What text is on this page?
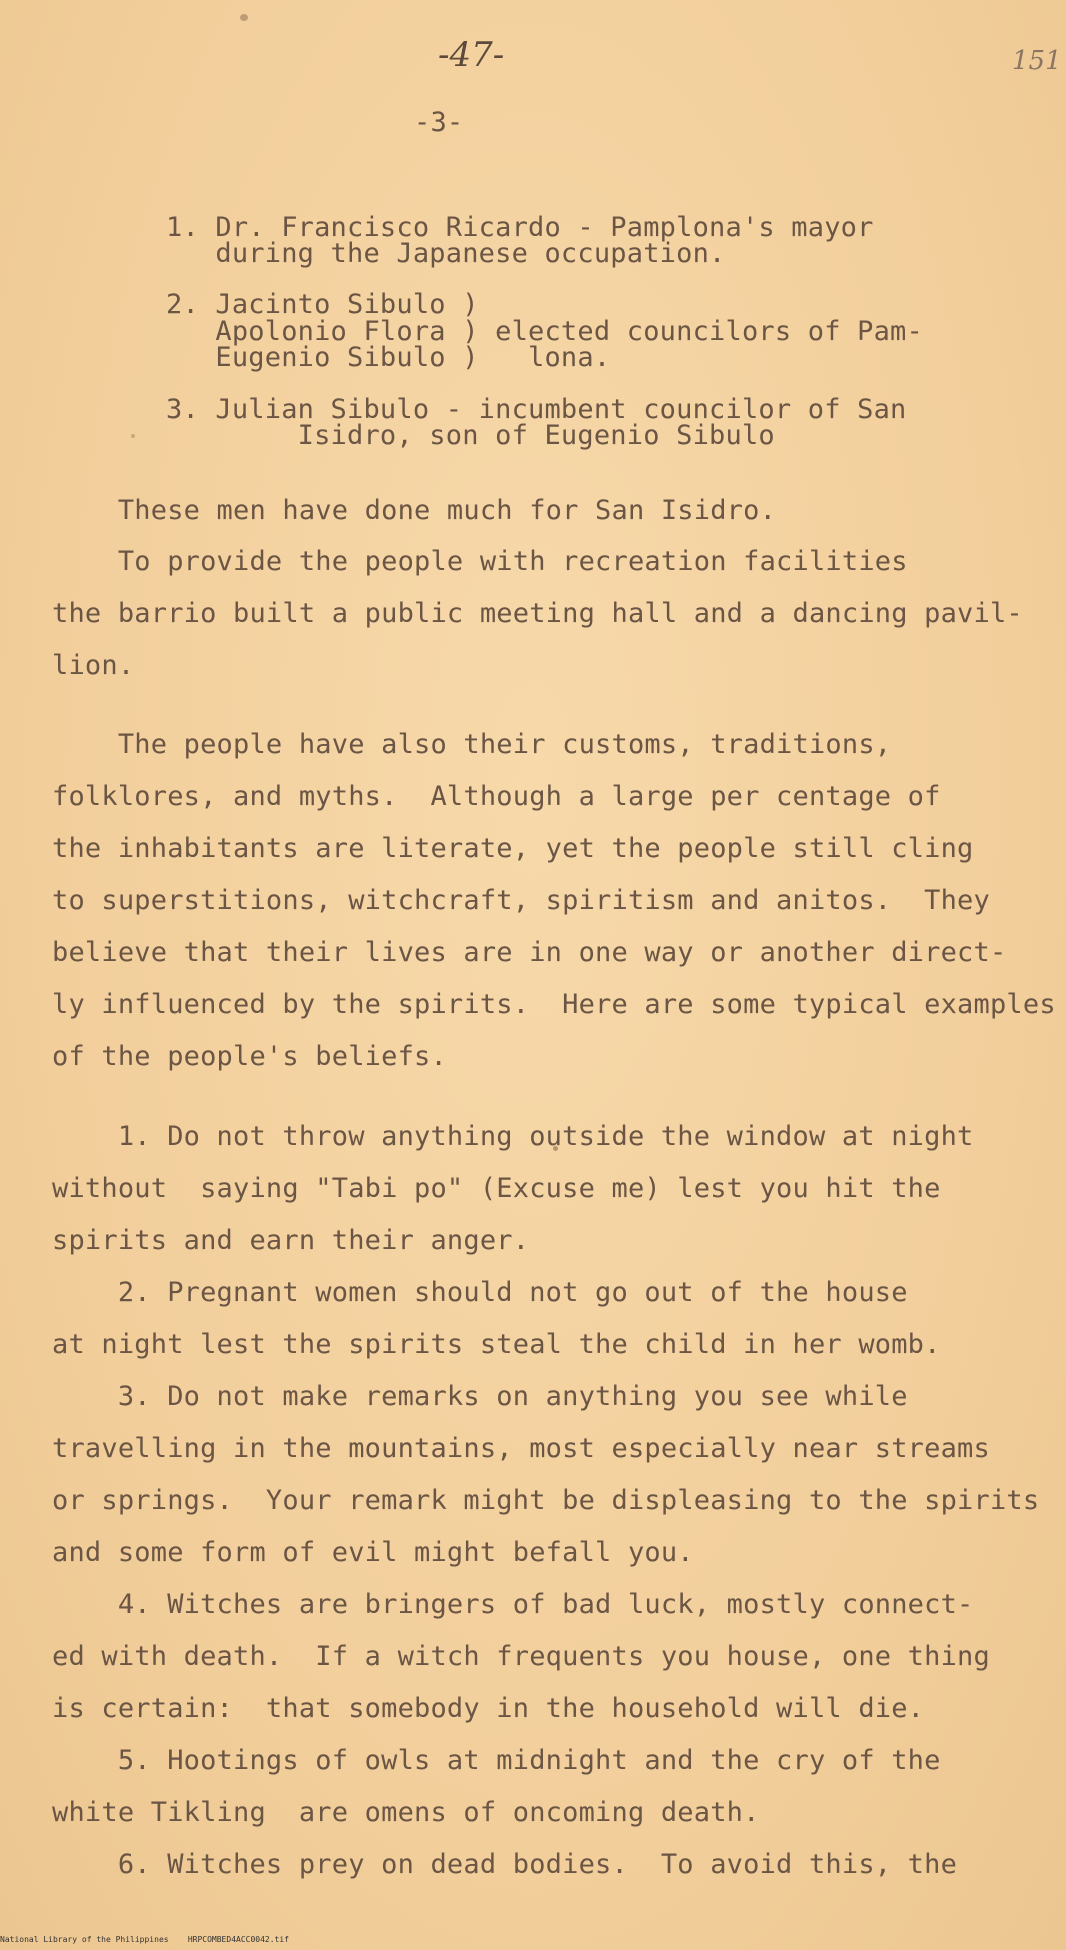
-47-	151
-3-
1. Dr. Francisco Ricardo - Pamplona's mayor
during the Japanese occupation.
2. Jacinto Sibulo )
Apolonio Flora ) elected councilors of Pam-
Eugenio Sibulo )   lona.
3. Julian Sibulo - incumbent councilor of San
Isidro, son of Eugenio Sibulo
These men have done much for San Isidro.
To provide the people with recreation facilities
the barrio built a public meeting hall and a dancing pavil-
lion.
The people have also their customs, traditions,
folklores, and myths.  Although a large per centage of
the inhabitants are literate, yet the people still cling
to superstitions, witchcraft, spiritism and anitos.  They
believe that their lives are in one way or another direct-
ly influenced by the spirits.  Here are some typical examples
of the people's beliefs.
1. Do not throw anything outside the window at night
without  saying "Tabi po" (Excuse me) lest you hit the
spirits and earn their anger.
2. Pregnant women should not go out of the house
at night lest the spirits steal the child in her womb.
3. Do not make remarks on anything you see while
travelling in the mountains, most especially near streams
or springs.  Your remark might be displeasing to the spirits
and some form of evil might befall you.
4. Witches are bringers of bad luck, mostly connect-
ed with death.  If a witch frequents you house, one thing
is certain:  that somebody in the household will die.
5. Hootings of owls at midnight and the cry of the
white Tikling  are omens of oncoming death.
6. Witches prey on dead bodies.  To avoid this, the
National Library of the Philippines    HRPCOMBED4ACC0042.tif
